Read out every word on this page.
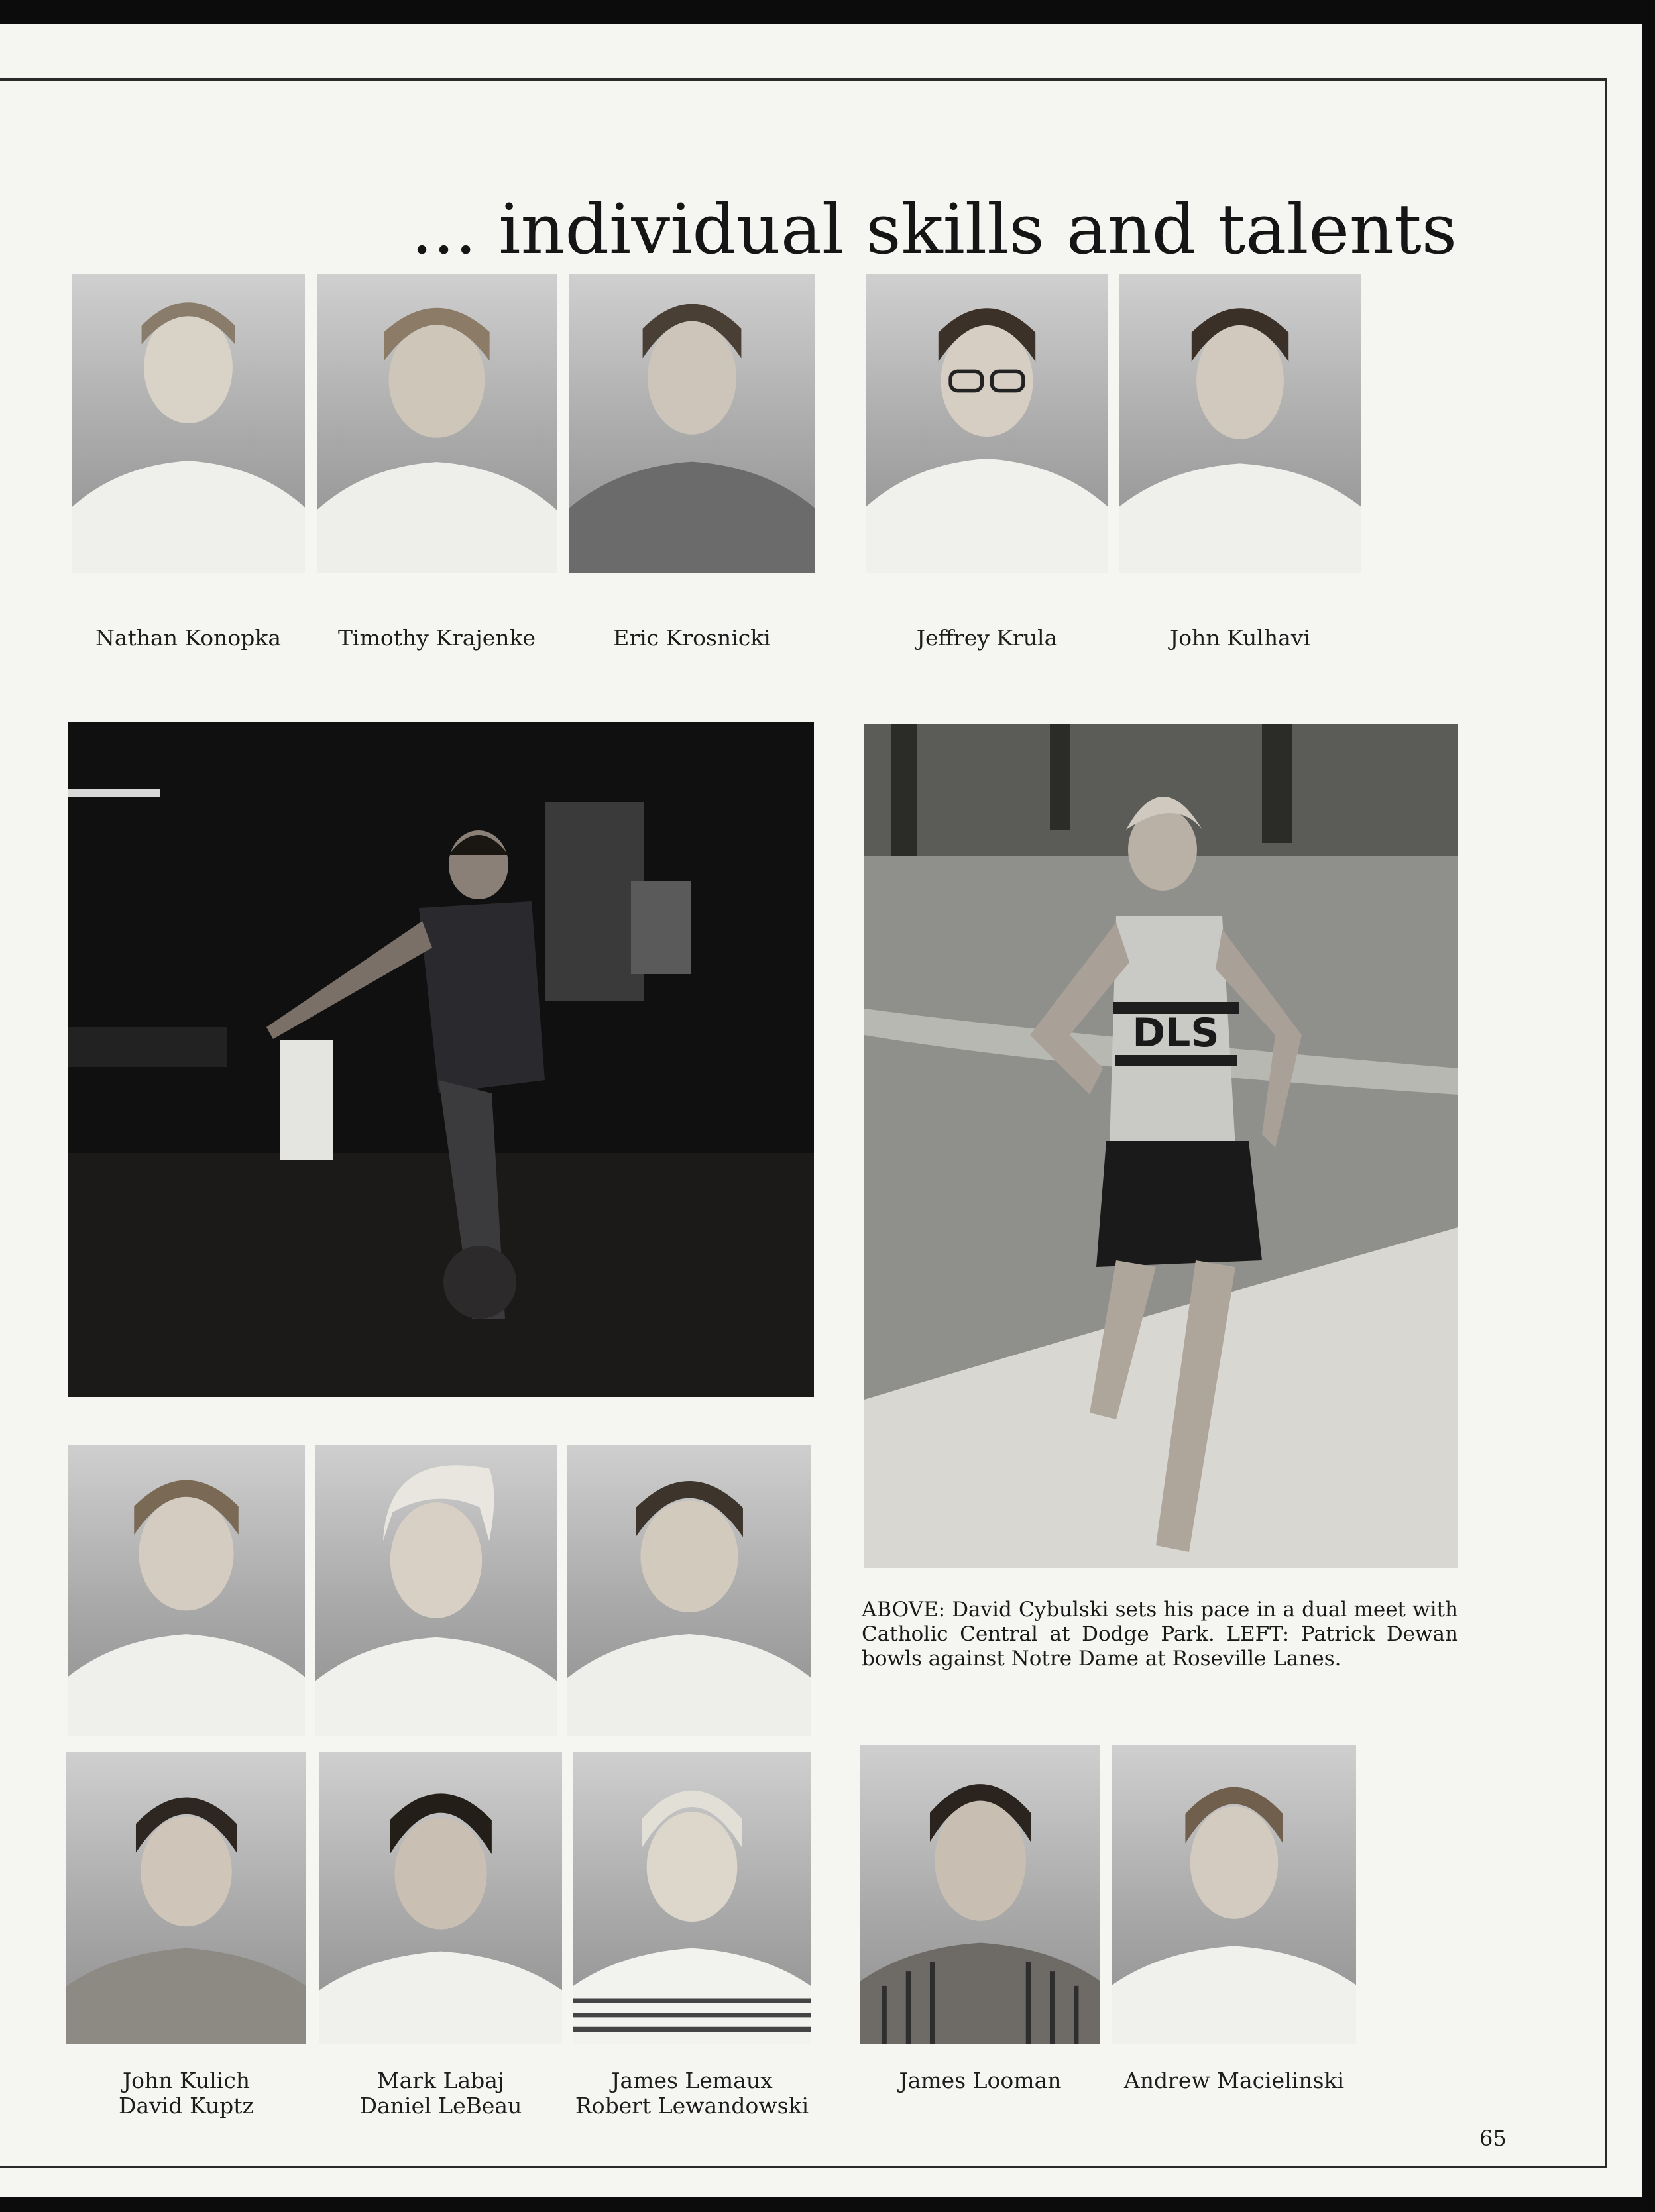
... individual skills and talents
Nathan Konopka	Timothy Krajenke	Eric Krosnicki	Jeffrey Krula	John Kulhavi
DLS
ABOVE: David Cybulski sets his pace in a dual meet with Catholic Central at Dodge Park. LEFT: Patrick Dewan bowls against Notre Dame at Roseville Lanes.
John Kulich
David Kuptz
Mark Labaj
Daniel LeBeau
James Lemaux
Robert Lewandowski
James Looman	Andrew Macielinski
65
